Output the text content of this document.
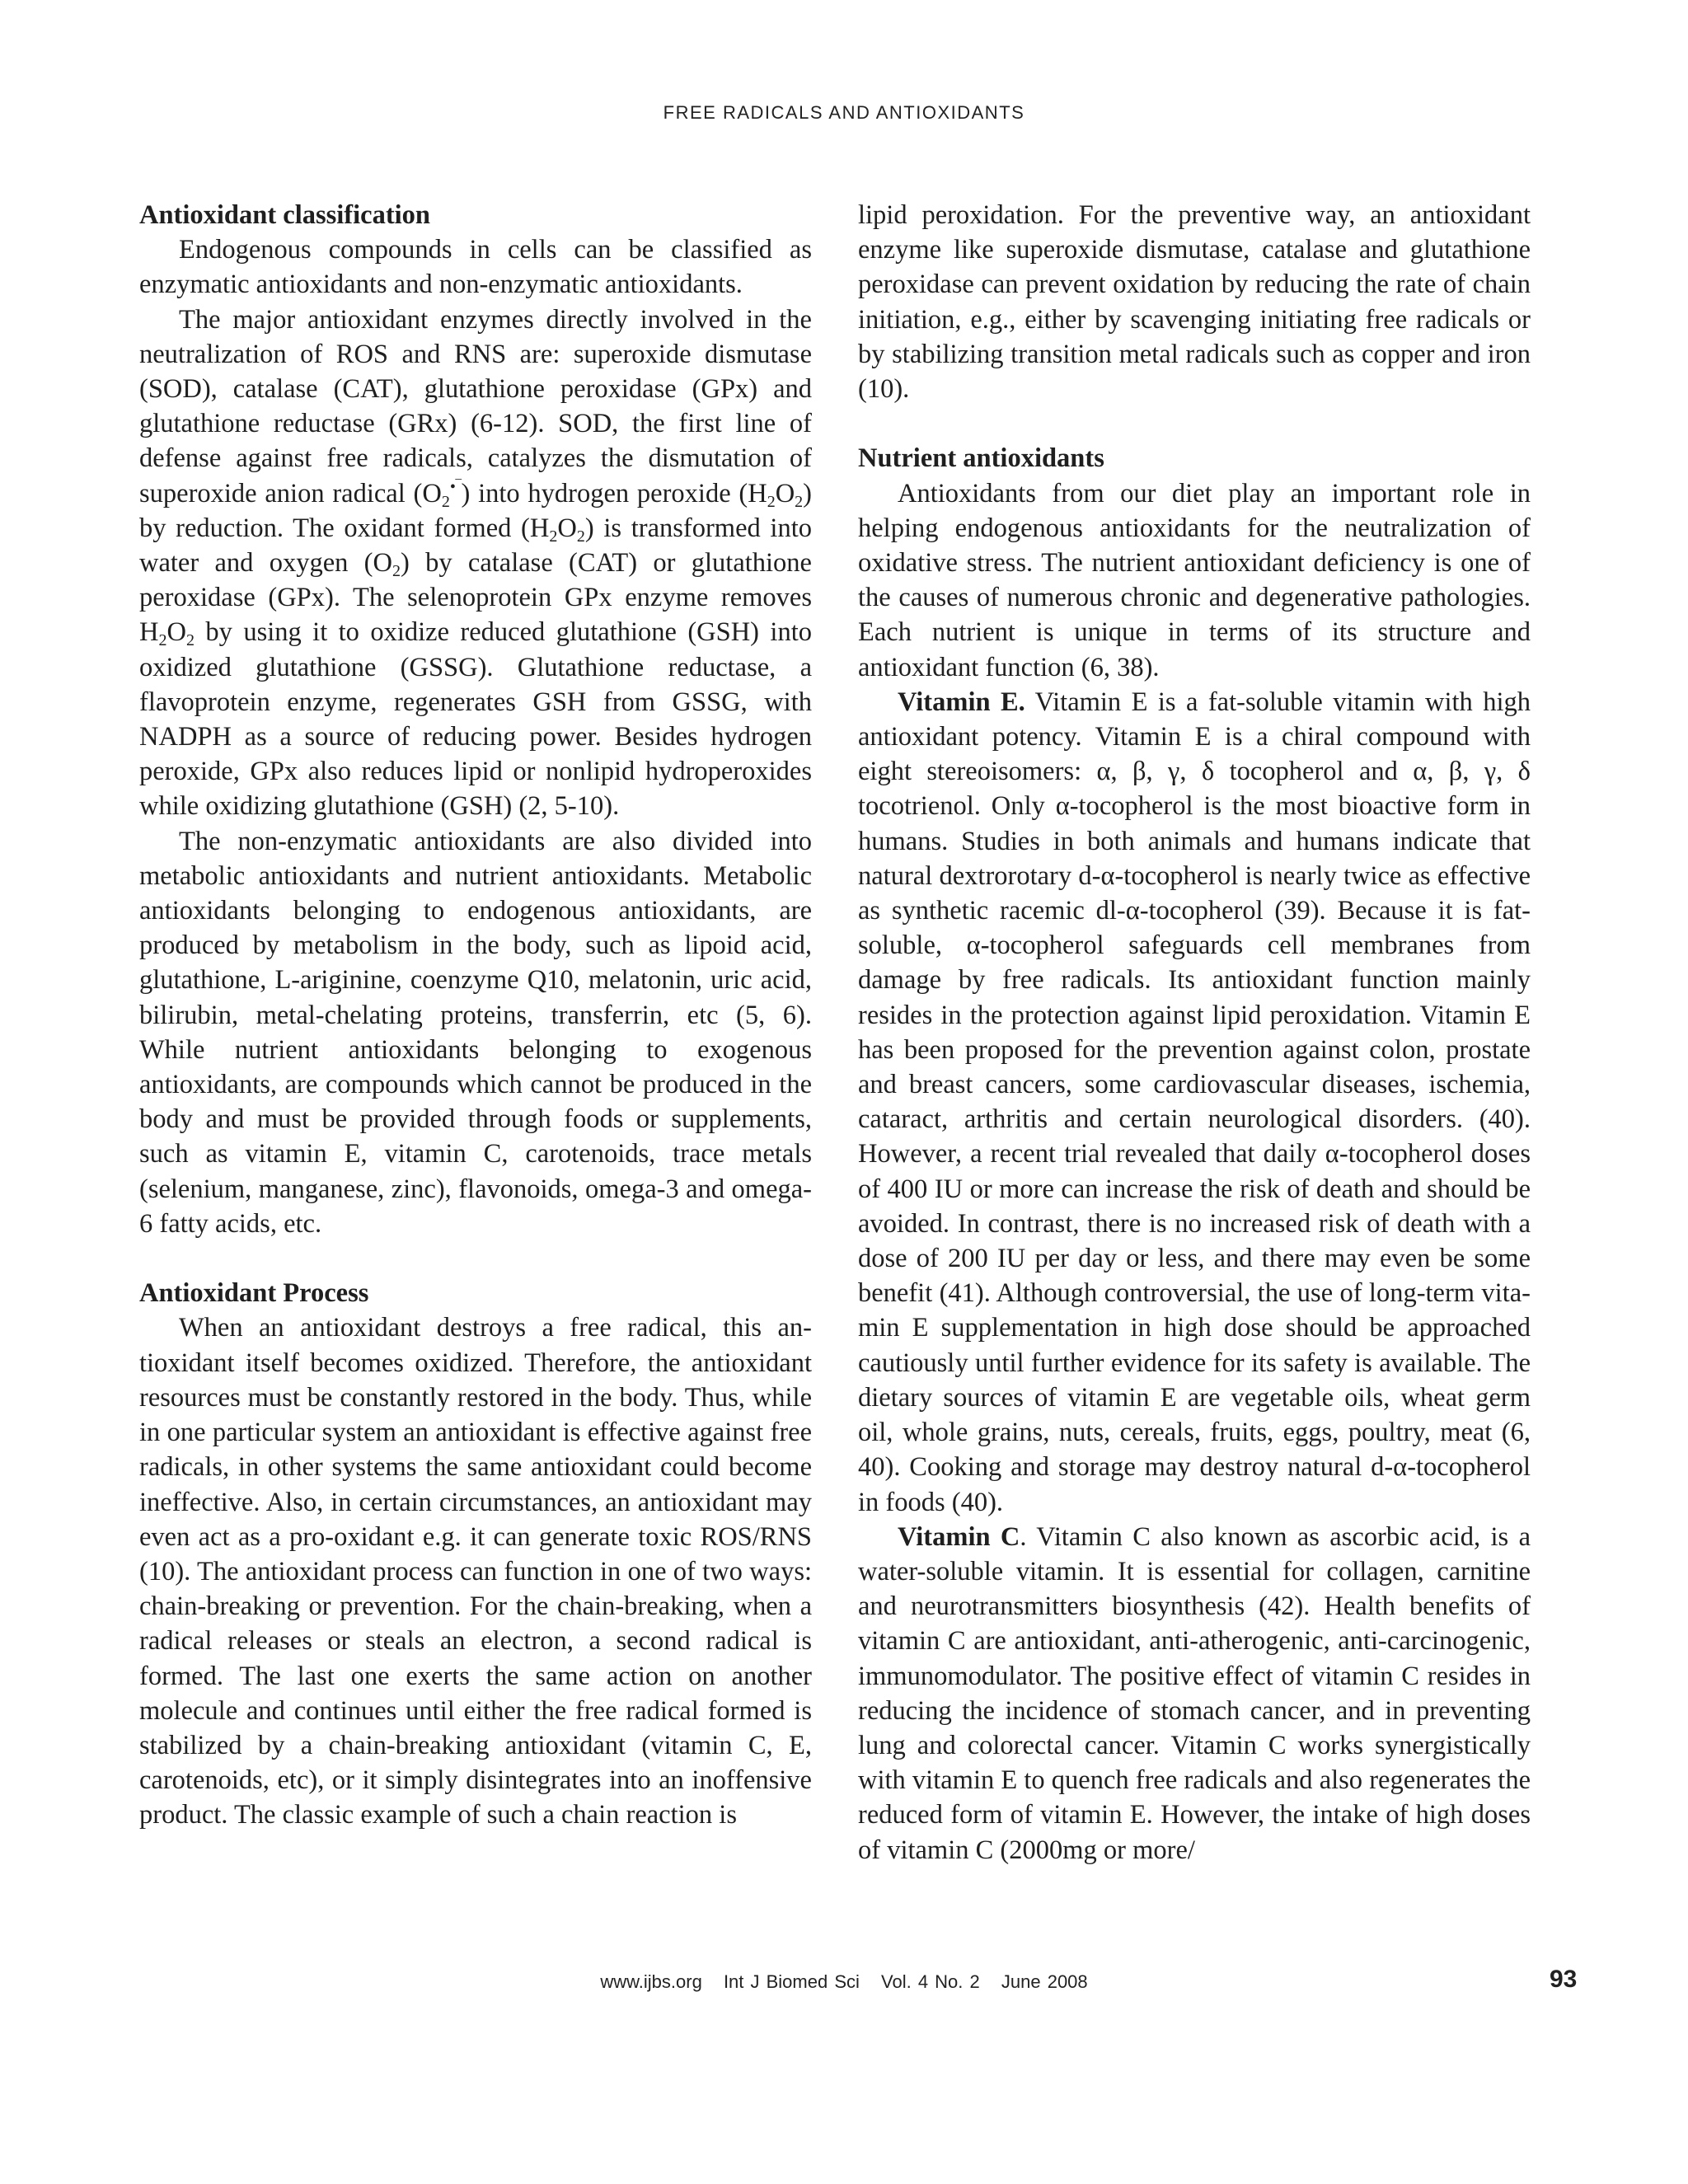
FREE RADICALS AND ANTIOXIDANTS
Antioxidant classification

Endogenous compounds in cells can be classified as enzymatic antioxidants and non-enzymatic antioxidants.

The major antioxidant enzymes directly involved in the neutralization of ROS and RNS are: superoxide dismutase (SOD), catalase (CAT), glutathione peroxidase (GPx) and glutathione reductase (GRx) (6-12). SOD, the first line of defense against free radicals, catalyzes the dismutation of superoxide anion radical $(O_2^{•‾})$ into hydrogen peroxide $(H_2O_2)$ by reduction. The oxidant formed $(H_2O_2)$ is transformed into water and oxygen $(O_2)$ by catalase (CAT) or glutathione peroxidase (GPx). The selenoprotein GPx enzyme removes $H_2O_2$ by using it to oxidize reduced glutathione (GSH) into oxidized glutathione (GSSG). Glutathione reductase, a flavoprotein enzyme, regenerates GSH from GSSG, with NADPH as a source of reducing power. Besides hydrogen peroxide, GPx also reduces lipid or nonlipid hydroperoxides while oxidizing glutathione (GSH) (2, 5-10).

The non-enzymatic antioxidants are also divided into metabolic antioxidants and nutrient antioxidants. Metabolic antioxidants belonging to endogenous antioxidants, are produced by metabolism in the body, such as lipoid acid, glutathione, L-ariginine, coenzyme Q10, melatonin, uric acid, bilirubin, metal-chelating proteins, transferrin, etc (5, 6). While nutrient antioxidants belonging to exogenous antioxidants, are compounds which cannot be produced in the body and must be provided through foods or supplements, such as vitamin E, vitamin C, carotenoids, trace metals (selenium, manganese, zinc), flavonoids, omega-3 and omega-6 fatty acids, etc.

Antioxidant Process

When an antioxidant destroys a free radical, this antioxidant itself becomes oxidized. Therefore, the antioxidant resources must be constantly restored in the body. Thus, while in one particular system an antioxidant is effective against free radicals, in other systems the same antioxidant could become ineffective. Also, in certain circumstances, an antioxidant may even act as a pro-oxidant e.g. it can generate toxic ROS/RNS (10). The antioxidant process can function in one of two ways: chain-breaking or prevention. For the chain-breaking, when a radical releases or steals an electron, a second radical is formed. The last one exerts the same action on another molecule and continues until either the free radical formed is stabilized by a chain-breaking antioxidant (vitamin C, E, carotenoids, etc), or it simply disintegrates into an inoffensive product. The classic example of such a chain reaction is

lipid peroxidation. For the preventive way, an antioxidant enzyme like superoxide dismutase, catalase and glutathione peroxidase can prevent oxidation by reducing the rate of chain initiation, e.g., either by scavenging initiating free radicals or by stabilizing transition metal radicals such as copper and iron (10).

Nutrient antioxidants

Antioxidants from our diet play an important role in helping endogenous antioxidants for the neutralization of oxidative stress. The nutrient antioxidant deficiency is one of the causes of numerous chronic and degenerative pathologies. Each nutrient is unique in terms of its structure and antioxidant function (6, 38).

Vitamin E. Vitamin E is a fat-soluble vitamin with high antioxidant potency. Vitamin E is a chiral compound with eight stereoisomers: α, β, γ, δ tocopherol and α, β, γ, δ tocotrienol. Only α-tocopherol is the most bioactive form in humans. Studies in both animals and humans indicate that natural dextrorotary d-α-tocopherol is nearly twice as effective as synthetic racemic dl-α-tocopherol (39). Because it is fat-soluble, α-tocopherol safeguards cell membranes from damage by free radicals. Its antioxidant function mainly resides in the protection against lipid peroxidation. Vitamin E has been proposed for the prevention against colon, prostate and breast cancers, some cardiovascular diseases, ischemia, cataract, arthritis and certain neurological disorders. (40). However, a recent trial revealed that daily α-tocopherol doses of 400 IU or more can increase the risk of death and should be avoided. In contrast, there is no increased risk of death with a dose of 200 IU per day or less, and there may even be some benefit (41). Although controversial, the use of long-term vitamin E supplementation in high dose should be approached cautiously until further evidence for its safety is available. The dietary sources of vitamin E are vegetable oils, wheat germ oil, whole grains, nuts, cereals, fruits, eggs, poultry, meat (6, 40). Cooking and storage may destroy natural d-α-tocopherol in foods (40).

Vitamin C. Vitamin C also known as ascorbic acid, is a water-soluble vitamin. It is essential for collagen, carnitine and neurotransmitters biosynthesis (42). Health benefits of vitamin C are antioxidant, anti-atherogenic, anti-carcinogenic, immunomodulator. The positive effect of vitamin C resides in reducing the incidence of stomach cancer, and in preventing lung and colorectal cancer. Vitamin C works synergistically with vitamin E to quench free radicals and also regenerates the reduced form of vitamin E. However, the intake of high doses of vitamin C (2000mg or more/

www.ijbs.org Int J Biomed Sci Vol. 4 No. 2 June 2008	93
